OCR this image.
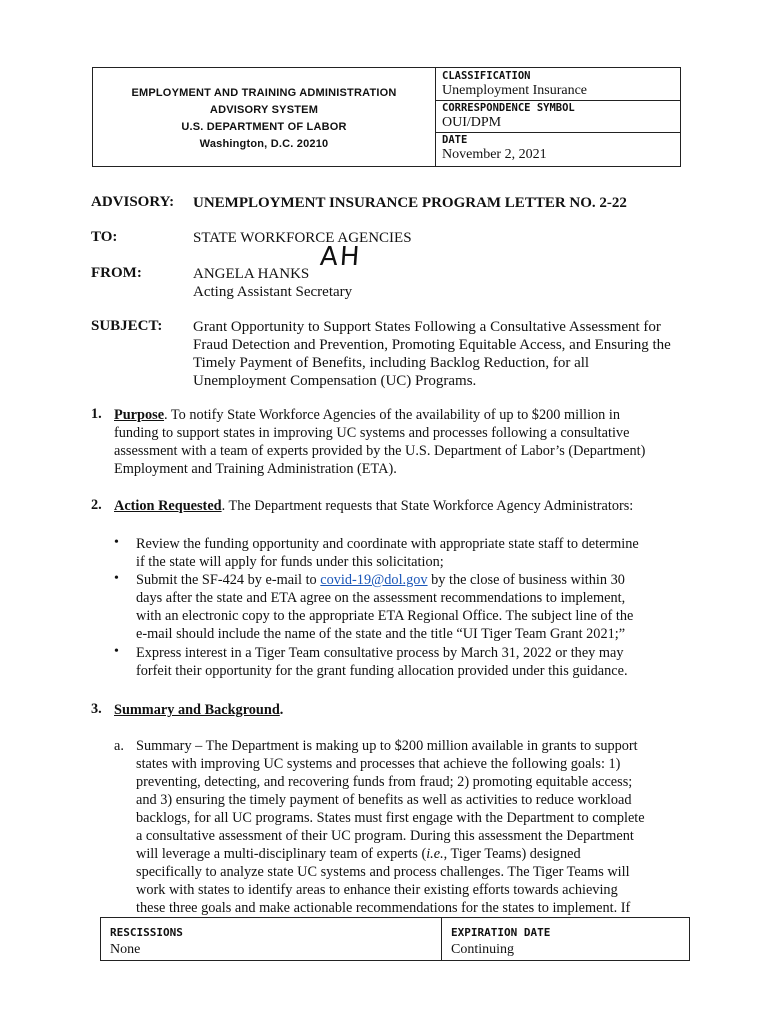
EMPLOYMENT AND TRAINING ADMINISTRATION
ADVISORY SYSTEM
U.S. DEPARTMENT OF LABOR
Washington, D.C. 20210
CLASSIFICATION
Unemployment Insurance
CORRESPONDENCE SYMBOL
OUI/DPM
DATE
November 2, 2021
ADVISORY: UNEMPLOYMENT INSURANCE PROGRAM LETTER NO. 2-22
TO:	STATE WORKFORCE AGENCIES
FROM:	ANGELA HANKS
Acting Assistant Secretary
AH
SUBJECT: Grant Opportunity to Support States Following a Consultative Assessment for
Fraud Detection and Prevention, Promoting Equitable Access, and Ensuring the
Timely Payment of Benefits, including Backlog Reduction, for all
Unemployment Compensation (UC) Programs.
1. Purpose. To notify State Workforce Agencies of the availability of up to $200 million in
funding to support states in improving UC systems and processes following a consultative
assessment with a team of experts provided by the U.S. Department of Labor’s (Department)
Employment and Training Administration (ETA).
2. Action Requested. The Department requests that State Workforce Agency Administrators:
• Review the funding opportunity and coordinate with appropriate state staff to determine
if the state will apply for funds under this solicitation;
• Submit the SF-424 by e-mail to covid-19@dol.gov by the close of business within 30
days after the state and ETA agree on the assessment recommendations to implement,
with an electronic copy to the appropriate ETA Regional Office. The subject line of the
e-mail should include the name of the state and the title “UI Tiger Team Grant 2021;”
• Express interest in a Tiger Team consultative process by March 31, 2022 or they may
forfeit their opportunity for the grant funding allocation provided under this guidance.
3. Summary and Background.
a. Summary – The Department is making up to $200 million available in grants to support
states with improving UC systems and processes that achieve the following goals: 1)
preventing, detecting, and recovering funds from fraud; 2) promoting equitable access;
and 3) ensuring the timely payment of benefits as well as activities to reduce workload
backlogs, for all UC programs. States must first engage with the Department to complete
a consultative assessment of their UC program. During this assessment the Department
will leverage a multi-disciplinary team of experts (i.e., Tiger Teams) designed
specifically to analyze state UC systems and process challenges. The Tiger Teams will
work with states to identify areas to enhance their existing efforts towards achieving
these three goals and make actionable recommendations for the states to implement. If
RESCISSIONS
None
EXPIRATION DATE
Continuing
